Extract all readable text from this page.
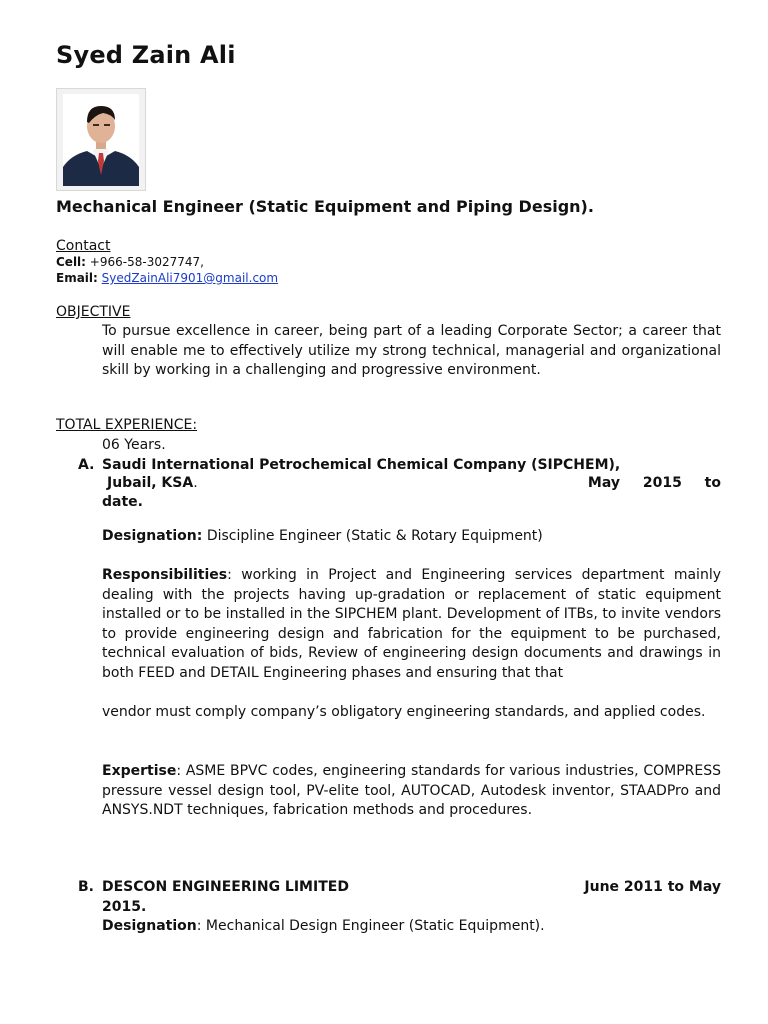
Syed Zain Ali
Mechanical Engineer (Static Equipment and Piping Design).
Contact
Cell: +966-58-3027747,
Email: SyedZainAli7901@gmail.com
OBJECTIVE
To pursue excellence in career, being part of a leading Corporate Sector; a career that will enable me to effectively utilize my strong technical, managerial and organizational skill by working in a challenging and progressive environment.
TOTAL EXPERIENCE:
06 Years.
A. Saudi International Petrochemical Chemical Company (SIPCHEM),
Jubail, KSA.	May 2015 to
date.
Designation: Discipline Engineer (Static & Rotary Equipment)
Responsibilities: working in Project and Engineering services department mainly dealing with the projects having up-gradation or replacement of static equipment installed or to be installed in the SIPCHEM plant. Development of ITBs, to invite vendors to provide engineering design and fabrication for the equipment to be purchased, technical evaluation of bids, Review of engineering design documents and drawings in both FEED and DETAIL Engineering phases and ensuring that that
vendor must comply company’s obligatory engineering standards, and applied codes.
Expertise: ASME BPVC codes, engineering standards for various industries, COMPRESS pressure vessel design tool, PV-elite tool, AUTOCAD, Autodesk inventor, STAADPro and ANSYS.NDT techniques, fabrication methods and procedures.
B. DESCON ENGINEERING LIMITED	June 2011 to May
2015.
Designation: Mechanical Design Engineer (Static Equipment).
